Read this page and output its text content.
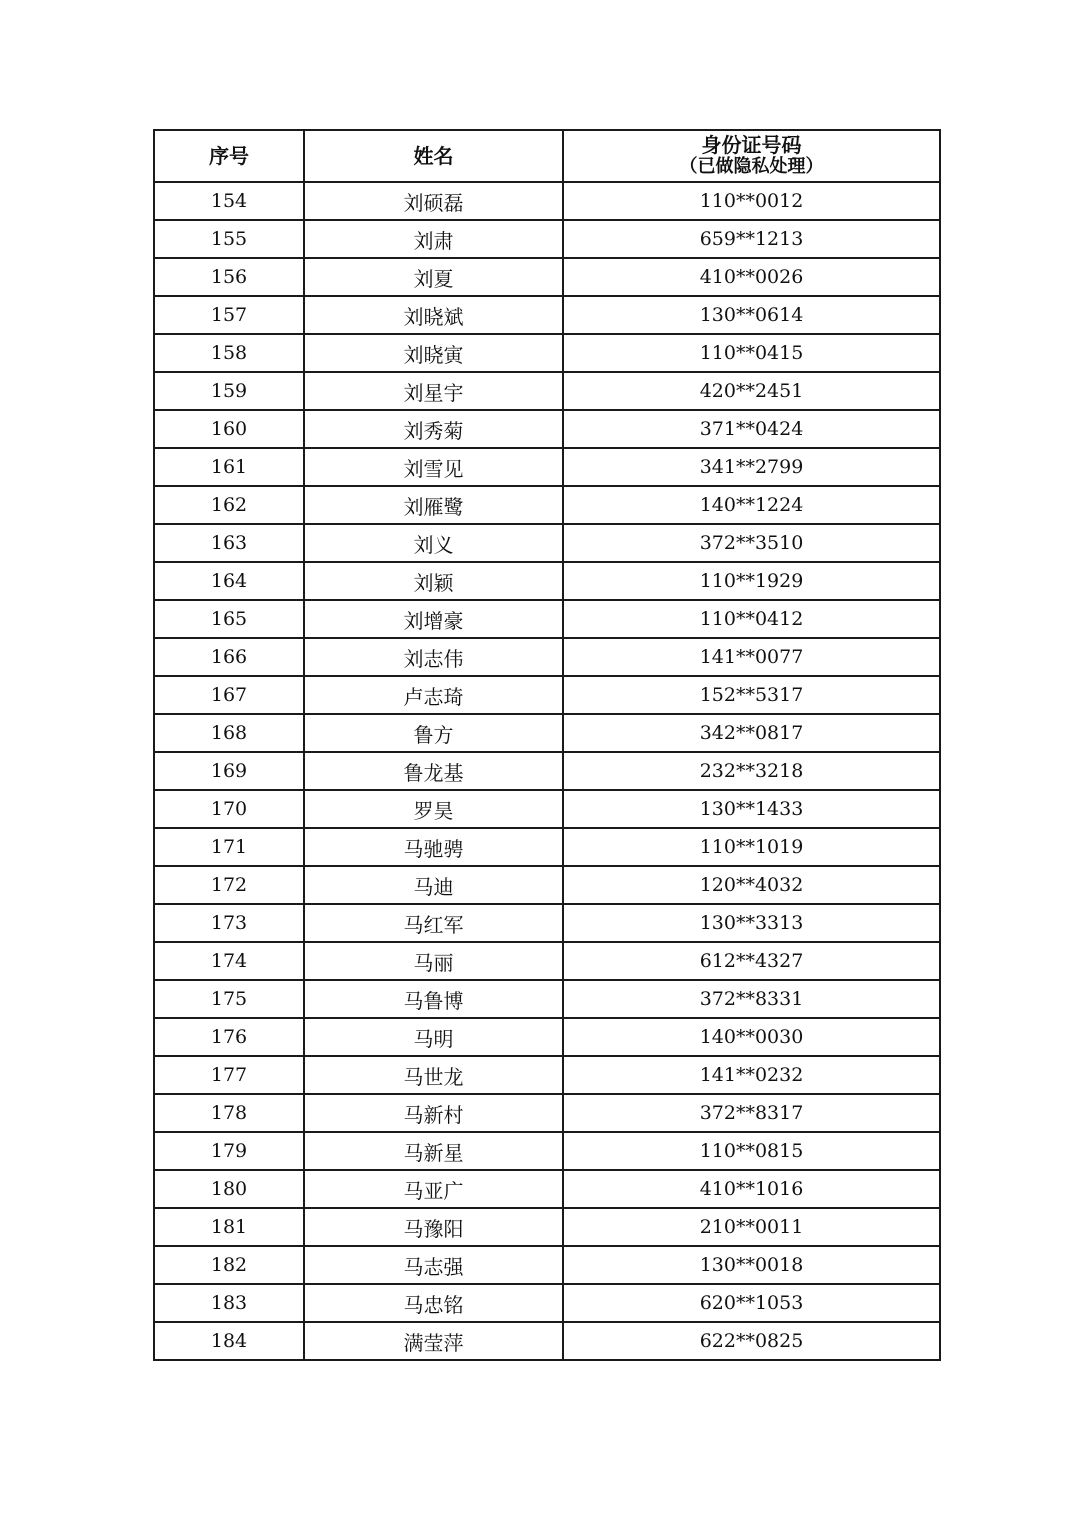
序号	姓名	身份证号码
（已做隐私处理）

154	刘硕磊	110**0012
155	刘肃	659**1213
156	刘夏	410**0026
157	刘晓斌	130**0614
158	刘晓寅	110**0415
159	刘星宇	420**2451
160	刘秀菊	371**0424
161	刘雪见	341**2799
162	刘雁鹭	140**1224
163	刘义	372**3510
164	刘颖	110**1929
165	刘增豪	110**0412
166	刘志伟	141**0077
167	卢志琦	152**5317
168	鲁方	342**0817
169	鲁龙基	232**3218
170	罗昊	130**1433
171	马驰骋	110**1019
172	马迪	120**4032
173	马红军	130**3313
174	马丽	612**4327
175	马鲁博	372**8331
176	马明	140**0030
177	马世龙	141**0232
178	马新村	372**8317
179	马新星	110**0815
180	马亚广	410**1016
181	马豫阳	210**0011
182	马志强	130**0018
183	马忠铭	620**1053
184	满莹萍	622**0825
